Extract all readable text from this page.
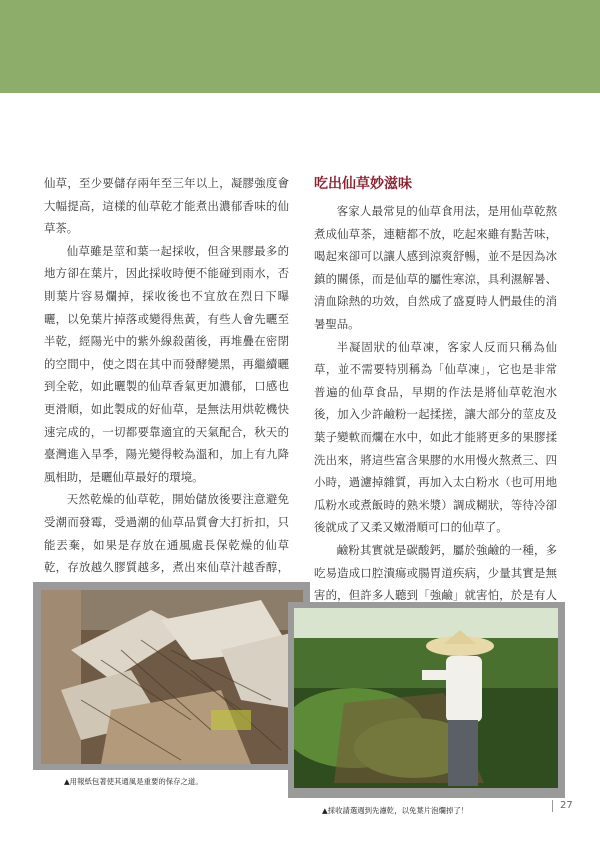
仙草，至少要儲存兩年至三年以上，凝膠強度會大幅提高，這樣的仙草乾才能煮出濃郁香味的仙草茶。

仙草雖是莖和葉一起採收，但含果膠最多的地方卻在葉片，因此採收時便不能碰到雨水，否則葉片容易爛掉，採收後也不宜放在烈日下曝曬，以免葉片掉落或變得焦黃，有些人會先曬至半乾，經陽光中的紫外線殺菌後，再堆疊在密閉的空間中，使之悶在其中而發酵變黑，再繼續曬到全乾，如此曬製的仙草香氣更加濃郁，口感也更滑順，如此製成的好仙草，是無法用烘乾機快速完成的，一切都要靠適宜的天氣配合，秋天的臺灣進入旱季，陽光變得較為溫和，加上有九降風相助，是曬仙草最好的環境。

天然乾燥的仙草乾，開始儲放後要注意避免受潮而發霉，受過潮的仙草品質會大打折扣，只能丟棄，如果是存放在通風處長保乾燥的仙草乾，存放越久膠質越多，煮出來仙草汁越香醇，

吃出仙草妙滋味

客家人最常見的仙草食用法，是用仙草乾熬煮成仙草茶，連糖都不放，吃起來雖有點苦味，喝起來卻可以讓人感到涼爽舒暢，並不是因為冰鎮的關係，而是仙草的屬性寒涼，具利濕解暑、清血除熱的功效，自然成了盛夏時人們最佳的消暑聖品。

半凝固狀的仙草凍，客家人反而只稱為仙草，並不需要特別稱為「仙草凍」，它也是非常普遍的仙草食品，早期的作法是將仙草乾泡水後，加入少許鹼粉一起揉搓，讓大部分的莖皮及葉子變軟而爛在水中，如此才能將更多的果膠揉洗出來，將這些富含果膠的水用慢火熬煮三、四小時，過濾掉雜質，再加入太白粉水（也可用地瓜粉水或煮飯時的熟米漿）調成糊狀，等待冷卻後就成了又柔又嫩滑順可口的仙草了。

鹼粉其實就是碳酸鈣，屬於強鹼的一種，多吃易造成口腔潰瘍或腸胃道疾病，少量其實是無害的，但許多人聽到「強鹼」就害怕，於是有人

▲用報紙包著使其通風是重要的保存之道。
▲採收請選週到先濾乾，以免葉片泡爛掉了！	27
